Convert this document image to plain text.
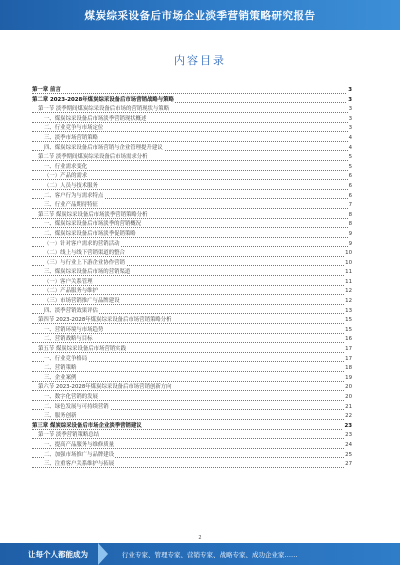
煤炭综采设备后市场企业淡季营销策略研究报告
内容目录
第一章 前言	3
第二章 2023-2028年煤炭综采设备后市场营销战略与策略	3
第一节 淡季期间煤炭综采设备后市场的营销现状与策略	3
一、煤炭综采设备后市场淡季营销现状概述	3
二、行业竞争与市场定位	3
三、淡季市场营销策略	4
四、煤炭综采设备后市场营销与企业管理提升建议	4
第二节 淡季期间煤炭综采设备后市场需求分析	5
一、行业需求变化	5
（一）产品的需求	6
（二）人员与技术服务	6
二、客户行为与需求特点	6
三、行业产品期待特征	7
第三节 煤炭综采设备后市场淡季营销策略分析	8
一、煤炭综采设备后市场淡季的营销概况	8
二、煤炭综采设备后市场淡季促销策略	9
（一）针对客户需求的营销活动	9
（二）线上与线下营销渠道的整合	10
（三）与行业上下游企业协作营销	10
三、煤炭综采设备后市场的营销渠道	11
（一）客户关系管理	11
（二）产品服务与维护	12
（三）市场营销推广与品牌建设	12
四、淡季营销效果评估	13
第四节 2023-2028年煤炭综采设备后市场营销策略分析	15
一、营销环境与市场趋势	15
二、营销战略与目标	16
第五节 煤炭综采设备后市场营销实践	17
一、行业竞争格局	17
二、营销策略	18
三、企业案例	19
第六节 2023-2028年煤炭综采设备后市场营销创新方向	20
一、数字化营销的发展	20
二、绿色发展与可持续营销	21
三、服务创新	22
第三章 煤炭综采设备后市场企业淡季营销建议	23
第一节 淡季营销策略总结	23
一、提高产品服务与维修质量	24
二、加强市场推广与品牌建设	25
三、注重客户关系维护与拓展	27
2
让每个人都能成为	行业专家、管理专家、营销专家、战略专家、成功企业家……
